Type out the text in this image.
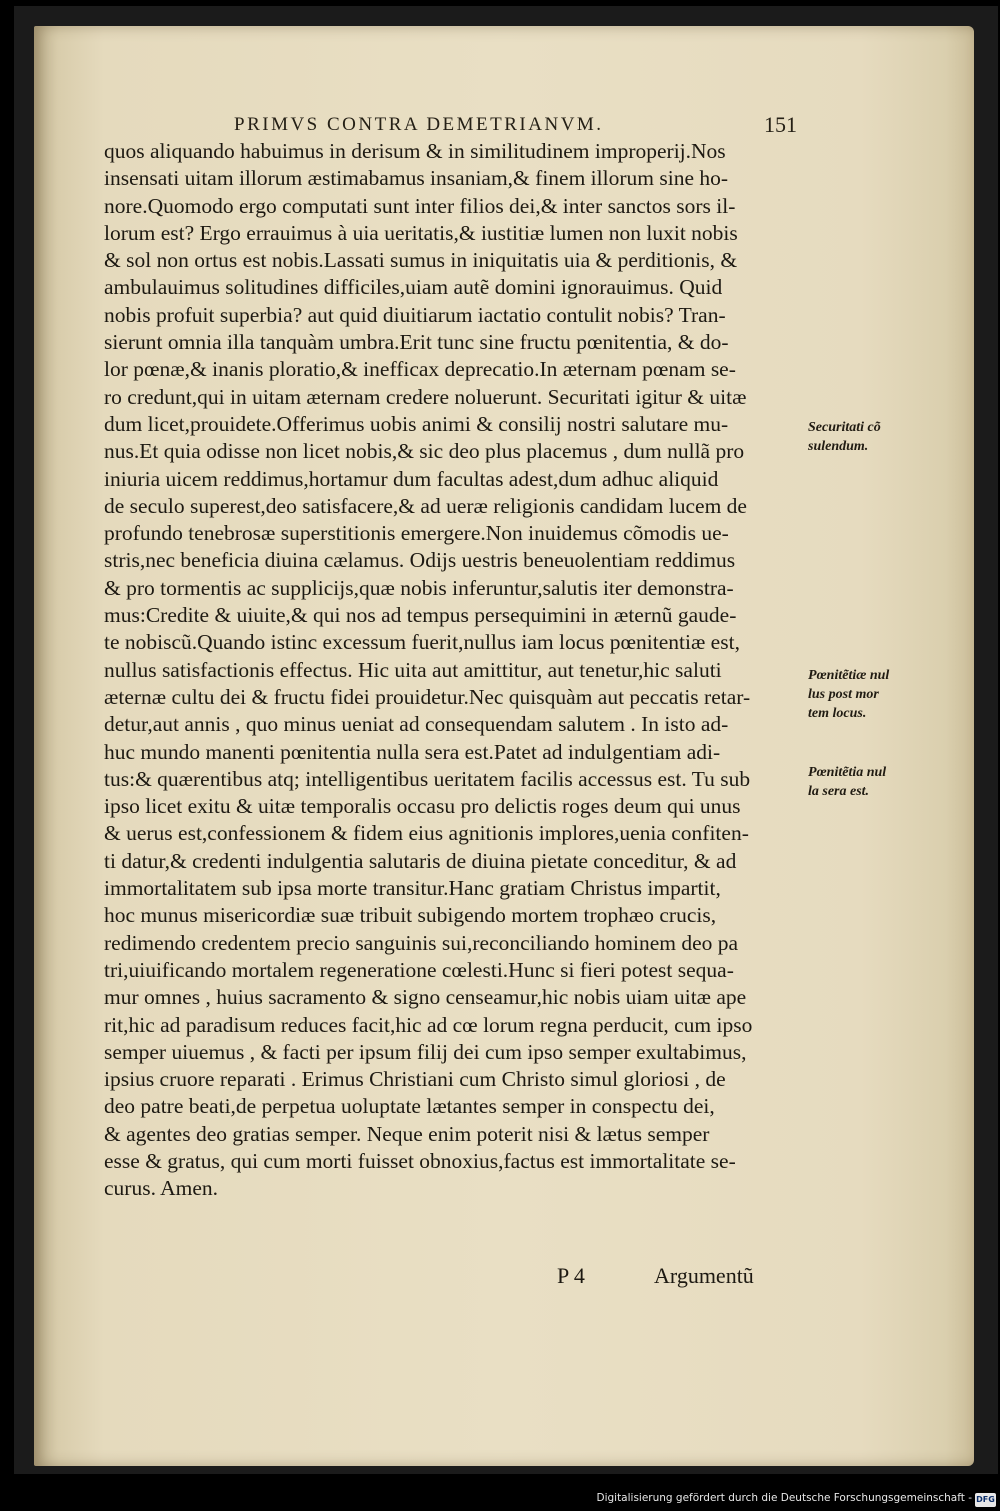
PRIMVS CONTRA DEMETRIANVM.	151
quos aliquando habuimus in derisum & in similitudinem improperij.Nos
insensati uitam illorum æstimabamus insaniam,& finem illorum sine ho-
nore.Quomodo ergo computati sunt inter filios dei,& inter sanctos sors il-
lorum est? Ergo errauimus à uia ueritatis,& iustitiæ lumen non luxit nobis
& sol non ortus est nobis.Lassati sumus in iniquitatis uia & perditionis, &
ambulauimus solitudines difficiles,uiam autẽ domini ignorauimus. Quid
nobis profuit superbia? aut quid diuitiarum iactatio contulit nobis? Tran-
sierunt omnia illa tanquàm umbra.Erit tunc sine fructu pœnitentia, & do-
lor pœnæ,& inanis ploratio,& inefficax deprecatio.In æternam pœnam se-
ro credunt,qui in uitam æternam credere noluerunt. Securitati igitur & uitæ
dum licet,prouidete.Offerimus uobis animi & consilij nostri salutare mu-
nus.Et quia odisse non licet nobis,& sic deo plus placemus , dum nullã pro
iniuria uicem reddimus,hortamur dum facultas adest,dum adhuc aliquid
de seculo superest,deo satisfacere,& ad ueræ religionis candidam lucem de
profundo tenebrosæ superstitionis emergere.Non inuidemus cõmodis ue-
stris,nec beneficia diuina cælamus. Odijs uestris beneuolentiam reddimus
& pro tormentis ac supplicijs,quæ nobis inferuntur,salutis iter demonstra-
mus:Credite & uiuite,& qui nos ad tempus persequimini in æternũ gaude-
te nobiscũ.Quando istinc excessum fuerit,nullus iam locus pœnitentiæ est,
nullus satisfactionis effectus. Hic uita aut amittitur, aut tenetur,hic saluti
æternæ cultu dei & fructu fidei prouidetur.Nec quisquàm aut peccatis retar-
detur,aut annis , quo minus ueniat ad consequendam salutem . In isto ad-
huc mundo manenti pœnitentia nulla sera est.Patet ad indulgentiam adi-
tus:& quærentibus atq; intelligentibus ueritatem facilis accessus est. Tu sub
ipso licet exitu & uitæ temporalis occasu pro delictis roges deum qui unus
& uerus est,confessionem & fidem eius agnitionis implores,uenia confiten-
ti datur,& credenti indulgentia salutaris de diuina pietate conceditur, & ad
immortalitatem sub ipsa morte transitur.Hanc gratiam Christus impartit,
hoc munus misericordiæ suæ tribuit subigendo mortem trophæo crucis,
redimendo credentem precio sanguinis sui,reconciliando hominem deo pa
tri,uiuificando mortalem regeneratione cœlesti.Hunc si fieri potest sequa-
mur omnes , huius sacramento & signo censeamur,hic nobis uiam uitæ ape
rit,hic ad paradisum reduces facit,hic ad cœ lorum regna perducit, cum ipso
semper uiuemus , & facti per ipsum filij dei cum ipso semper exultabimus,
ipsius cruore reparati . Erimus Christiani cum Christo simul gloriosi , de
deo patre beati,de perpetua uoluptate lætantes semper in conspectu dei,
& agentes deo gratias semper. Neque enim poterit nisi & lætus semper
esse & gratus, qui cum morti fuisset obnoxius,factus est immortalitate se-
curus. Amen.
Securitati cõ
sulendum.
Pœnitẽtiæ nul
lus post mor
tem locus.
Pœnitẽtia nul
la sera est.
P 4	Argumentũ
Digitalisierung gefördert durch die Deutsche Forschungsgemeinschaft - DFG
